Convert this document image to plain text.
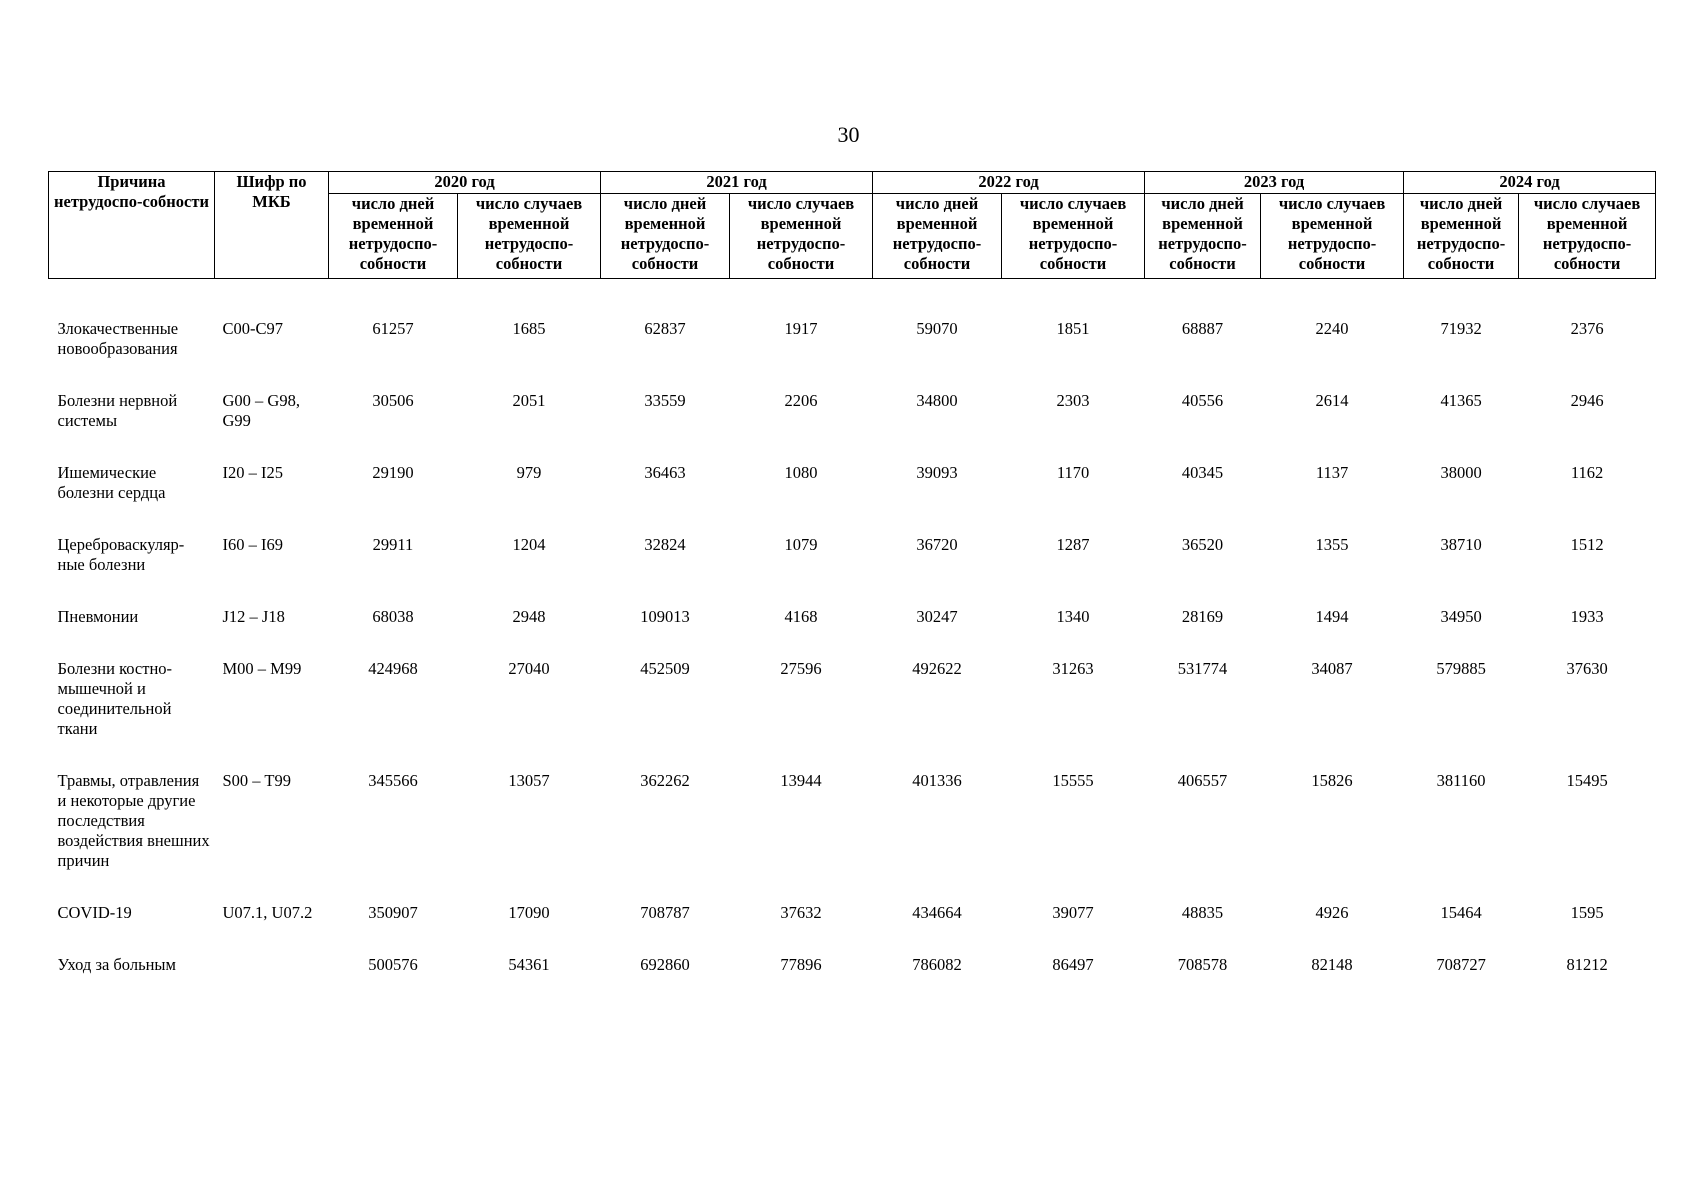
30
Причина нетрудоспо-собности	Шифр по МКБ	2020 год		2021 год		2022 год		2023 год		2024 год	
		число дней временной нетрудоспо-собности	число случаев временной нетрудоспо-собности	число дней временной нетрудоспо-собности	число случаев временной нетрудоспо-собности	число дней временной нетрудоспо-собности	число случаев временной нетрудоспо-собности	число дней временной нетрудоспо-собности	число случаев временной нетрудоспо-собности	число дней временной нетрудоспо-собности	число случаев временной нетрудоспо-собности
Злокачественные новообразования	С00-С97	61257	1685	62837	1917	59070	1851	68887	2240	71932	2376
Болезни нервной системы	G00 – G98, G99	30506	2051	33559	2206	34800	2303	40556	2614	41365	2946
Ишемические болезни сердца	I20 – I25	29190	979	36463	1080	39093	1170	40345	1137	38000	1162
Цереброваскуляр-ные болезни	I60 – I69	29911	1204	32824	1079	36720	1287	36520	1355	38710	1512
Пневмонии	J12 – J18	68038	2948	109013	4168	30247	1340	28169	1494	34950	1933
Болезни костно-мышечной и соединительной ткани	М00 – М99	424968	27040	452509	27596	492622	31263	531774	34087	579885	37630
Травмы, отравления и некоторые другие последствия воздействия внешних причин	S00 – T99	345566	13057	362262	13944	401336	15555	406557	15826	381160	15495
COVID-19	U07.1, U07.2	350907	17090	708787	37632	434664	39077	48835	4926	15464	1595
Уход за больным		500576	54361	692860	77896	786082	86497	708578	82148	708727	81212
